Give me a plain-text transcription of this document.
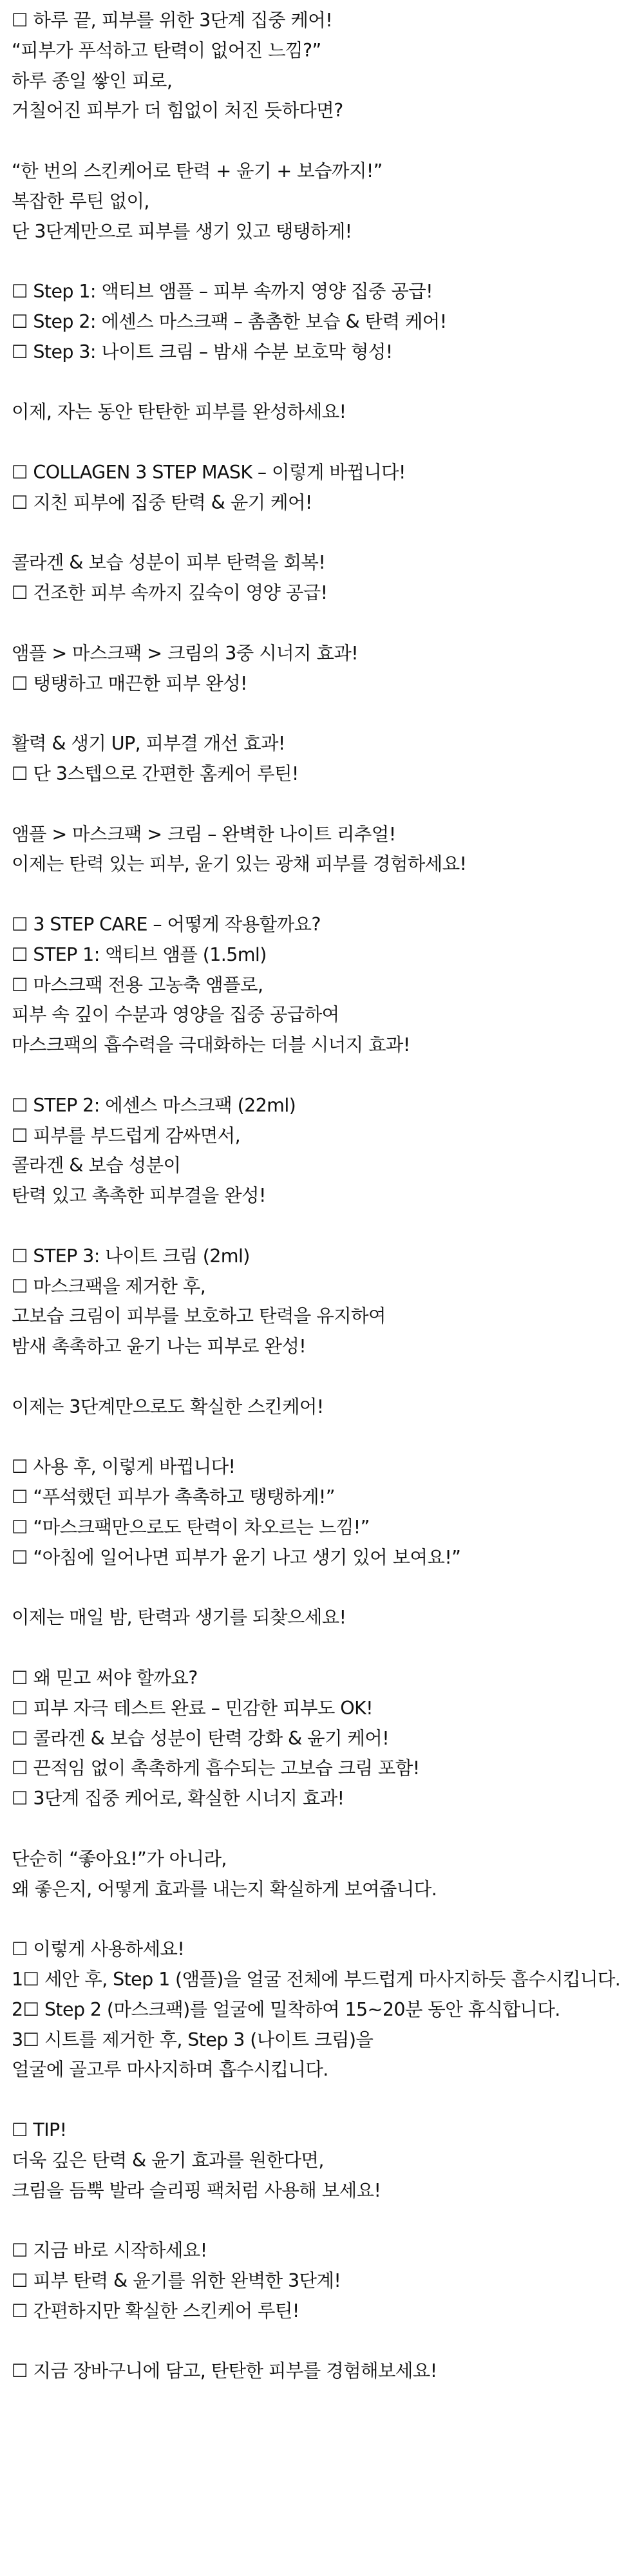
☐ 하루 끝, 피부를 위한 3단계 집중 케어!
“피부가 푸석하고 탄력이 없어진 느낌?”
하루 종일 쌓인 피로,
거칠어진 피부가 더 힘없이 처진 듯하다면?
“한 번의 스킨케어로 탄력 + 윤기 + 보습까지!”
복잡한 루틴 없이,
단 3단계만으로 피부를 생기 있고 탱탱하게!
☐ Step 1: 액티브 앰플 – 피부 속까지 영양 집중 공급!
☐ Step 2: 에센스 마스크팩 – 촘촘한 보습 & 탄력 케어!
☐ Step 3: 나이트 크림 – 밤새 수분 보호막 형성!
이제, 자는 동안 탄탄한 피부를 완성하세요!
☐ COLLAGEN 3 STEP MASK – 이렇게 바뀝니다!
☐ 지친 피부에 집중 탄력 & 윤기 케어!
콜라겐 & 보습 성분이 피부 탄력을 회복!
☐ 건조한 피부 속까지 깊숙이 영양 공급!
앰플 > 마스크팩 > 크림의 3중 시너지 효과!
☐ 탱탱하고 매끈한 피부 완성!
활력 & 생기 UP, 피부결 개선 효과!
☐ 단 3스텝으로 간편한 홈케어 루틴!
앰플 > 마스크팩 > 크림 – 완벽한 나이트 리추얼!
이제는 탄력 있는 피부, 윤기 있는 광채 피부를 경험하세요!
☐ 3 STEP CARE – 어떻게 작용할까요?
☐ STEP 1: 액티브 앰플 (1.5ml)
☐ 마스크팩 전용 고농축 앰플로,
피부 속 깊이 수분과 영양을 집중 공급하여
마스크팩의 흡수력을 극대화하는 더블 시너지 효과!
☐ STEP 2: 에센스 마스크팩 (22ml)
☐ 피부를 부드럽게 감싸면서,
콜라겐 & 보습 성분이
탄력 있고 촉촉한 피부결을 완성!
☐ STEP 3: 나이트 크림 (2ml)
☐ 마스크팩을 제거한 후,
고보습 크림이 피부를 보호하고 탄력을 유지하여
밤새 촉촉하고 윤기 나는 피부로 완성!
이제는 3단계만으로도 확실한 스킨케어!
☐ 사용 후, 이렇게 바뀝니다!
☐ “푸석했던 피부가 촉촉하고 탱탱하게!”
☐ “마스크팩만으로도 탄력이 차오르는 느낌!”
☐ “아침에 일어나면 피부가 윤기 나고 생기 있어 보여요!”
이제는 매일 밤, 탄력과 생기를 되찾으세요!
☐ 왜 믿고 써야 할까요?
☐ 피부 자극 테스트 완료 – 민감한 피부도 OK!
☐ 콜라겐 & 보습 성분이 탄력 강화 & 윤기 케어!
☐ 끈적임 없이 촉촉하게 흡수되는 고보습 크림 포함!
☐ 3단계 집중 케어로, 확실한 시너지 효과!
단순히 “좋아요!”가 아니라,
왜 좋은지, 어떻게 효과를 내는지 확실하게 보여줍니다.
☐ 이렇게 사용하세요!
1☐ 세안 후, Step 1 (앰플)을 얼굴 전체에 부드럽게 마사지하듯 흡수시킵니다.
2☐ Step 2 (마스크팩)를 얼굴에 밀착하여 15~20분 동안 휴식합니다.
3☐ 시트를 제거한 후, Step 3 (나이트 크림)을
얼굴에 골고루 마사지하며 흡수시킵니다.
☐ TIP!
더욱 깊은 탄력 & 윤기 효과를 원한다면,
크림을 듬뿍 발라 슬리핑 팩처럼 사용해 보세요!
☐ 지금 바로 시작하세요!
☐ 피부 탄력 & 윤기를 위한 완벽한 3단계!
☐ 간편하지만 확실한 스킨케어 루틴!
☐ 지금 장바구니에 담고, 탄탄한 피부를 경험해보세요!
